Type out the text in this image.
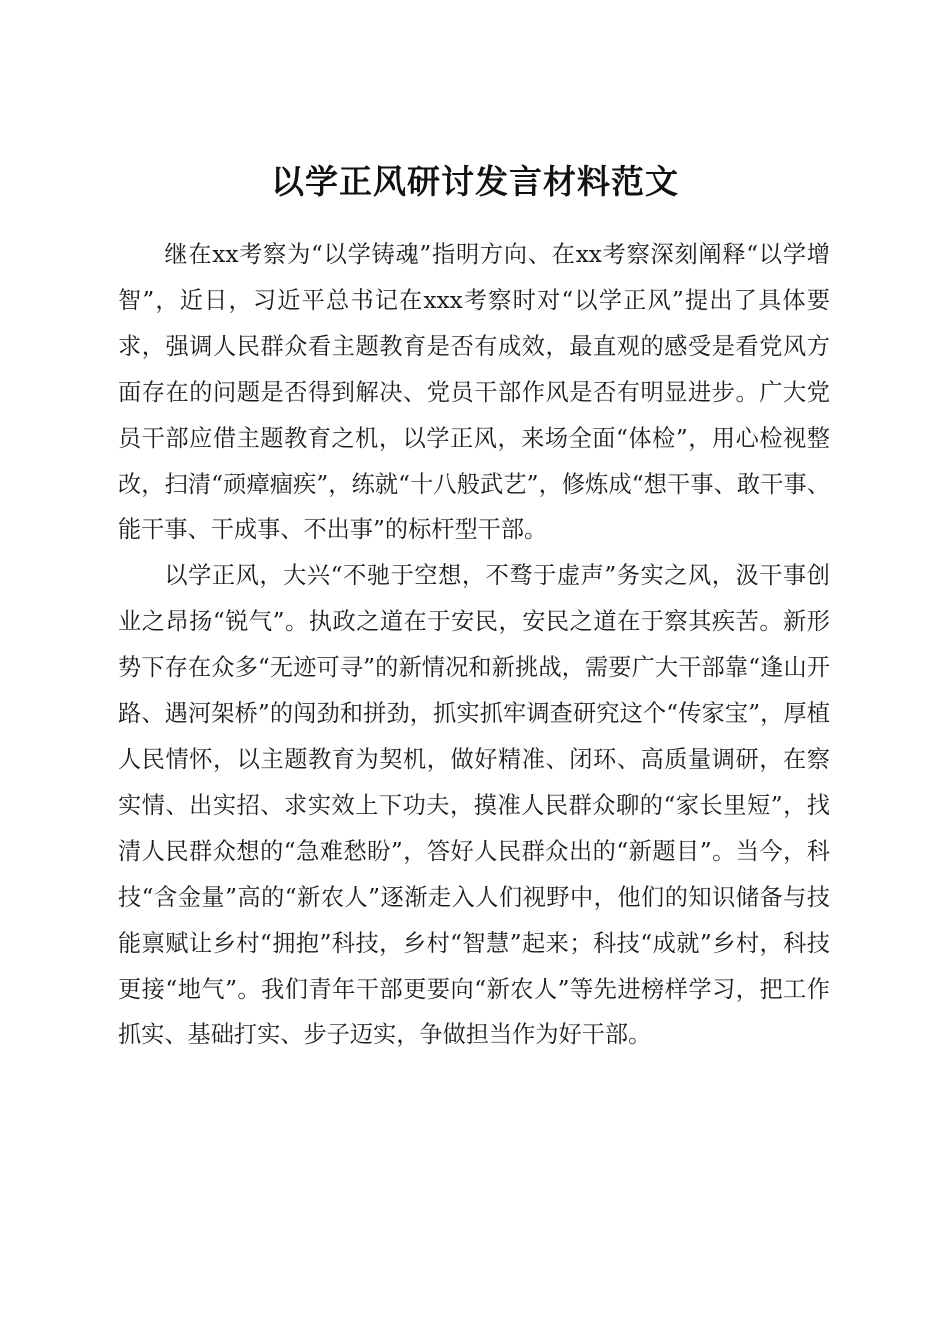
以学正风研讨发言材料范文

继在xx考察为“以学铸魂”指明方向、在xx考察深刻阐释“以学增智”，近日，习近平总书记在xxx考察时对“以学正风”提出了具体要求，强调人民群众看主题教育是否有成效，最直观的感受是看党风方面存在的问题是否得到解决、党员干部作风是否有明显进步。广大党员干部应借主题教育之机，以学正风，来场全面“体检”，用心检视整改，扫清“顽瘴痼疾”，练就“十八般武艺”，修炼成“想干事、敢干事、能干事、干成事、不出事”的标杆型干部。

以学正风，大兴“不驰于空想，不骛于虚声”务实之风，汲干事创业之昂扬“锐气”。执政之道在于安民，安民之道在于察其疾苦。新形势下存在众多“无迹可寻”的新情况和新挑战，需要广大干部靠“逢山开路、遇河架桥”的闯劲和拼劲，抓实抓牢调查研究这个“传家宝”，厚植人民情怀，以主题教育为契机，做好精准、闭环、高质量调研，在察实情、出实招、求实效上下功夫，摸准人民群众聊的“家长里短”，找清人民群众想的“急难愁盼”，答好人民群众出的“新题目”。当今，科技“含金量”高的“新农人”逐渐走入人们视野中，他们的知识储备与技能禀赋让乡村“拥抱”科技，乡村“智慧”起来；科技“成就”乡村，科技更接“地气”。我们青年干部更要向“新农人”等先进榜样学习，把工作抓实、基础打实、步子迈实，争做担当作为好干部。
